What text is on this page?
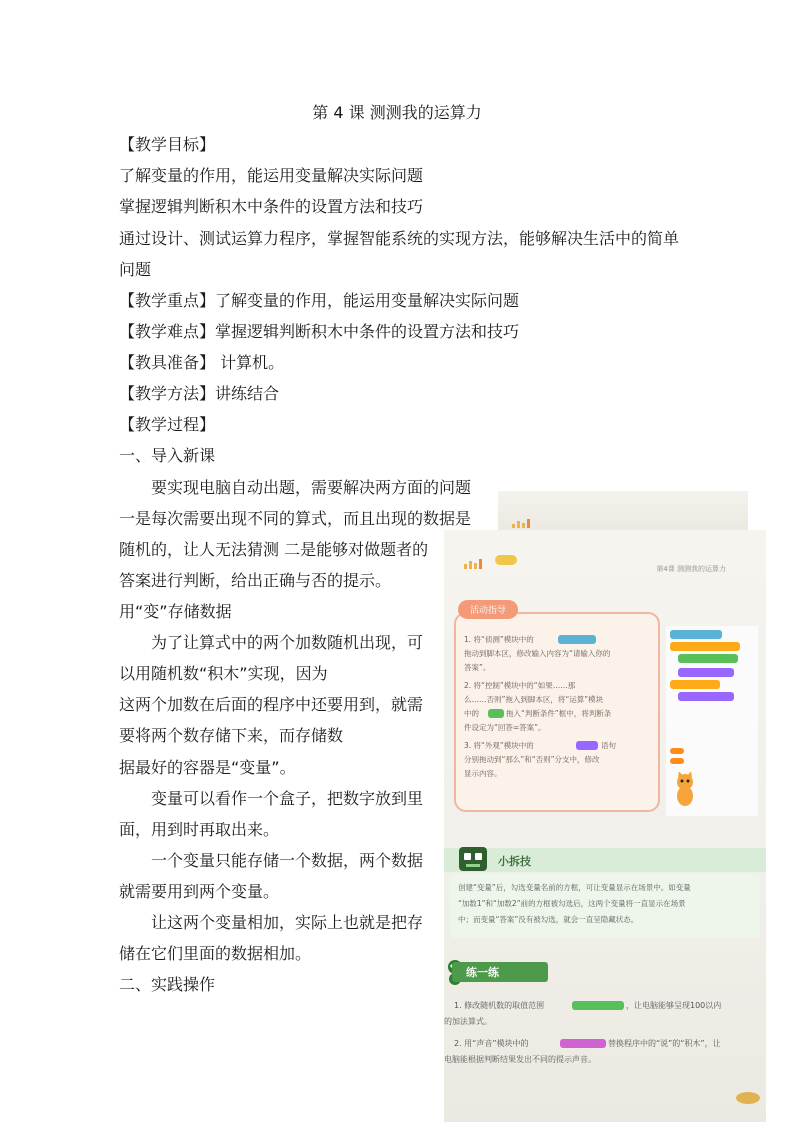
第 4 课 测测我的运算力
【教学目标】
了解变量的作用，能运用变量解决实际问题
掌握逻辑判断积木中条件的设置方法和技巧
通过设计、测试运算力程序，掌握智能系统的实现方法，能够解决生活中的简单
问题
【教学重点】了解变量的作用，能运用变量解决实际问题
【教学难点】掌握逻辑判断积木中条件的设置方法和技巧
【教具准备】 计算机。
【教学方法】讲练结合
【教学过程】
一、导入新课
要实现电脑自动出题，需要解决两方面的问题
一是每次需要出现不同的算式，而且出现的数据是
随机的，让人无法猜测 二是能够对做题者的
答案进行判断，给出正确与否的提示。
用“变”存储数据
为了让算式中的两个加数随机出现，可
以用随机数“积木”实现，因为
这两个加数在后面的程序中还要用到，就需
要将两个数存储下来，而存储数
据最好的容器是“变量”。
变量可以看作一个盒子，把数字放到里
面，用到时再取出来。
一个变量只能存储一个数据，两个数据
就需要用到两个变量。
让这两个变量相加，实际上也就是把存
储在它们里面的数据相加。
二、实践操作

第4课 测测我的运算力
活动指导
1. 将“侦测”模块中的
拖动到脚本区，修改输入内容为“请输入你的
答案”。
2. 将“控制”模块中的“如果……那
么……否则”拖入到脚本区，将“运算”模块
中的	拖入“判断条件”框中，将判断条
件设定为“回答=答案”。
3. 将“外观”模块中的	语句
分别拖动到“那么”和“否则”分支中，修改
显示内容。
小拆技
创建“变量”后，勾选变量名前的方框，可让变量显示在场景中。如变量
“加数1”和“加数2”前的方框被勾选后，这两个变量将一直显示在场景
中；而变量“答案”没有被勾选，就会一直呈隐藏状态。
练一练
1. 修改随机数的取值范围	，让电脑能够呈现100以内
的加法算式。
2. 用“声音”模块中的	替换程序中的“说”的“积木”，让
电脑能根据判断结果发出不同的提示声音。
